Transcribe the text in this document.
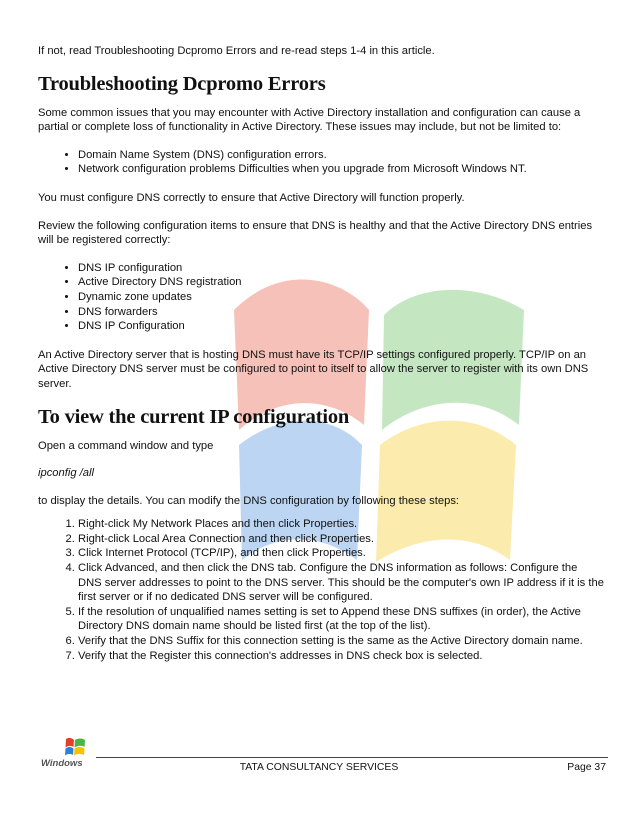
If not, read Troubleshooting Dcpromo Errors and re-read steps 1-4 in this article.

Troubleshooting Dcpromo Errors

Some common issues that you may encounter with Active Directory installation and configuration can cause a partial or complete loss of functionality in Active Directory. These issues may include, but not be limited to:

• Domain Name System (DNS) configuration errors.
• Network configuration problems Difficulties when you upgrade from Microsoft Windows NT.

You must configure DNS correctly to ensure that Active Directory will function properly.

Review the following configuration items to ensure that DNS is healthy and that the Active Directory DNS entries will be registered correctly:

• DNS IP configuration
• Active Directory DNS registration
• Dynamic zone updates
• DNS forwarders
• DNS IP Configuration

An Active Directory server that is hosting DNS must have its TCP/IP settings configured properly. TCP/IP on an Active Directory DNS server must be configured to point to itself to allow the server to register with its own DNS server.

To view the current IP configuration

Open a command window and type

ipconfig /all

to display the details. You can modify the DNS configuration by following these steps:

1. Right-click My Network Places and then click Properties.
2. Right-click Local Area Connection and then click Properties.
3. Click Internet Protocol (TCP/IP), and then click Properties.
4. Click Advanced, and then click the DNS tab. Configure the DNS information as follows: Configure the DNS server addresses to point to the DNS server. This should be the computer's own IP address if it is the first server or if no dedicated DNS server will be configured.
5. If the resolution of unqualified names setting is set to Append these DNS suffixes (in order), the Active Directory DNS domain name should be listed first (at the top of the list).
6. Verify that the DNS Suffix for this connection setting is the same as the Active Directory domain name.
7. Verify that the Register this connection's addresses in DNS check box is selected.
Windows	TATA CONSULTANCY SERVICES	Page 37
